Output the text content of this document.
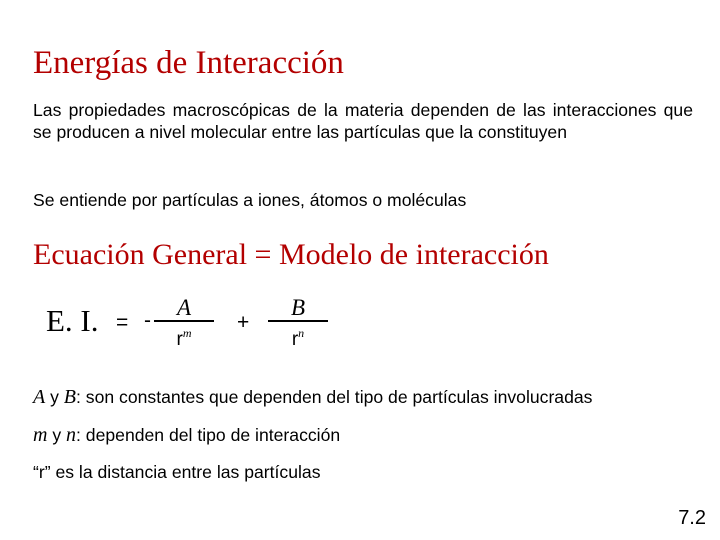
Energías de Interacción
Las propiedades macroscópicas de la materia dependen de las interacciones que se producen a nivel molecular entre las partículas que la constituyen
Se entiende por partículas a iones, átomos o moléculas
Ecuación General = Modelo de interacción
E. I. = -
A
$r^m$	+
B
$r^n$
A y B: son constantes que dependen del tipo de partículas involucradas
m y n: dependen del tipo de interacción
“r” es la distancia entre las partículas
7.2
